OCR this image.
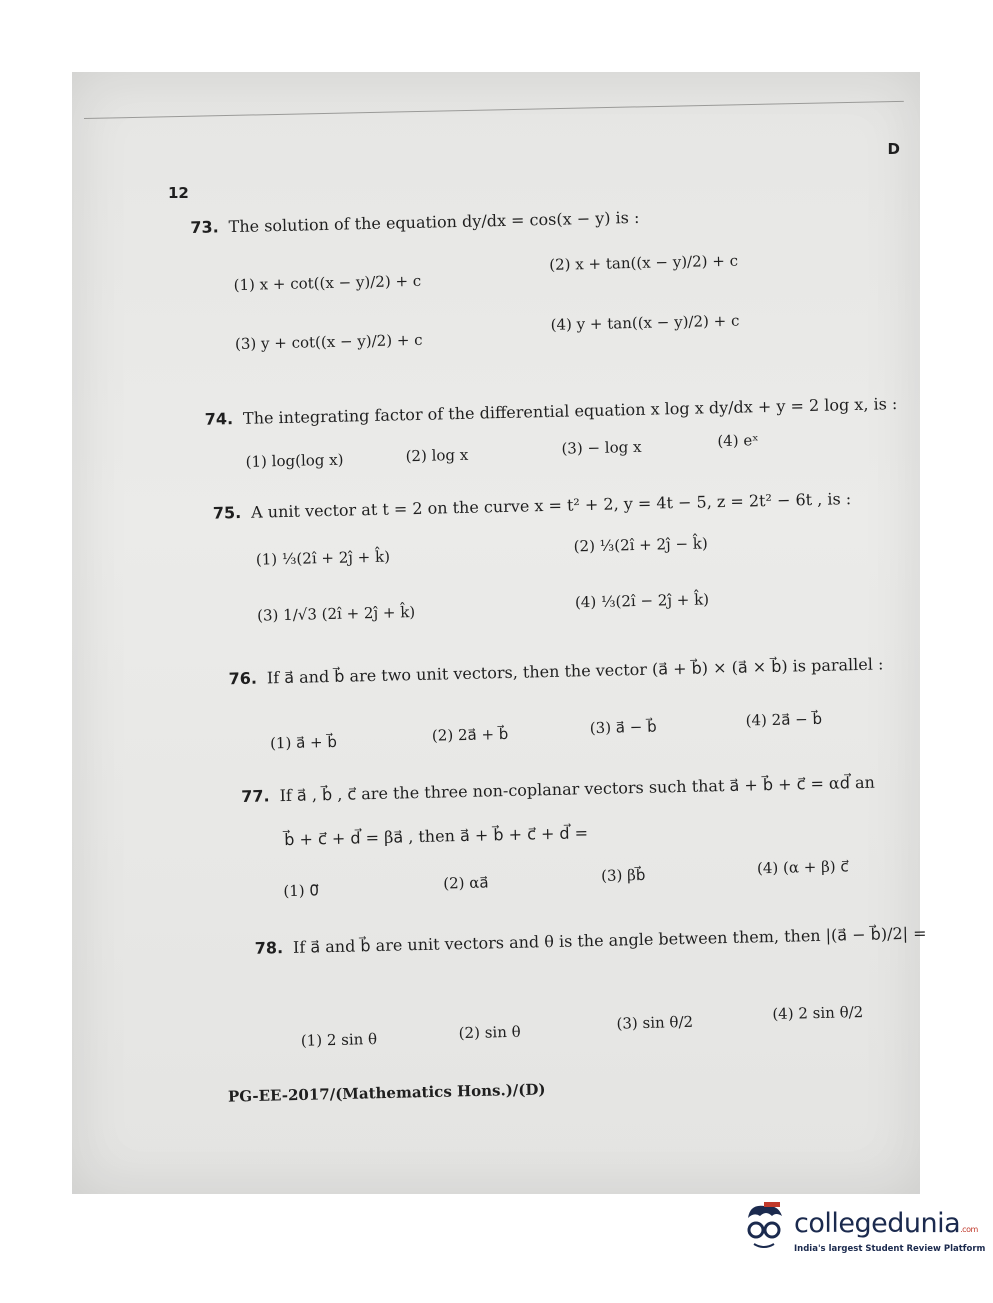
D
12
73. The solution of the equation dy/dx = cos(x − y) is :
(1) x + cot((x − y)/2) + c
(2) x + tan((x − y)/2) + c
(3) y + cot((x − y)/2) + c
(4) y + tan((x − y)/2) + c
74. The integrating factor of the differential equation x log x dy/dx + y = 2 log x, is :
(1) log(log x)	(2) log x	(3) − log x	(4) eˣ
75. A unit vector at t = 2 on the curve x = t² + 2, y = 4t − 5, z = 2t² − 6t , is :
(1) ⅓(2î + 2ĵ + k̂)
(2) ⅓(2î + 2ĵ − k̂)
(3) 1/√3 (2î + 2ĵ + k̂)
(4) ⅓(2î − 2ĵ + k̂)
76. If a⃗ and b⃗ are two unit vectors, then the vector (a⃗ + b⃗) × (a⃗ × b⃗) is parallel :
(1) a⃗ + b⃗	(2) 2a⃗ + b⃗	(3) a⃗ − b⃗	(4) 2a⃗ − b⃗
77. If a⃗ , b⃗ , c⃗ are the three non-coplanar vectors such that a⃗ + b⃗ + c⃗ = αd⃗ an
b⃗ + c⃗ + d⃗ = βa⃗ , then a⃗ + b⃗ + c⃗ + d⃗ =
(1) 0⃗	(2) αa⃗	(3) βb⃗	(4) (α + β) c⃗
78. If a⃗ and b⃗ are unit vectors and θ is the angle between them, then |(a⃗ − b⃗)/2| =
(1) 2 sin θ	(2) sin θ	(3) sin θ/2	(4) 2 sin θ/2
PG-EE-2017/(Mathematics Hons.)/(D)
collegedunia.com
India's largest Student Review Platform
